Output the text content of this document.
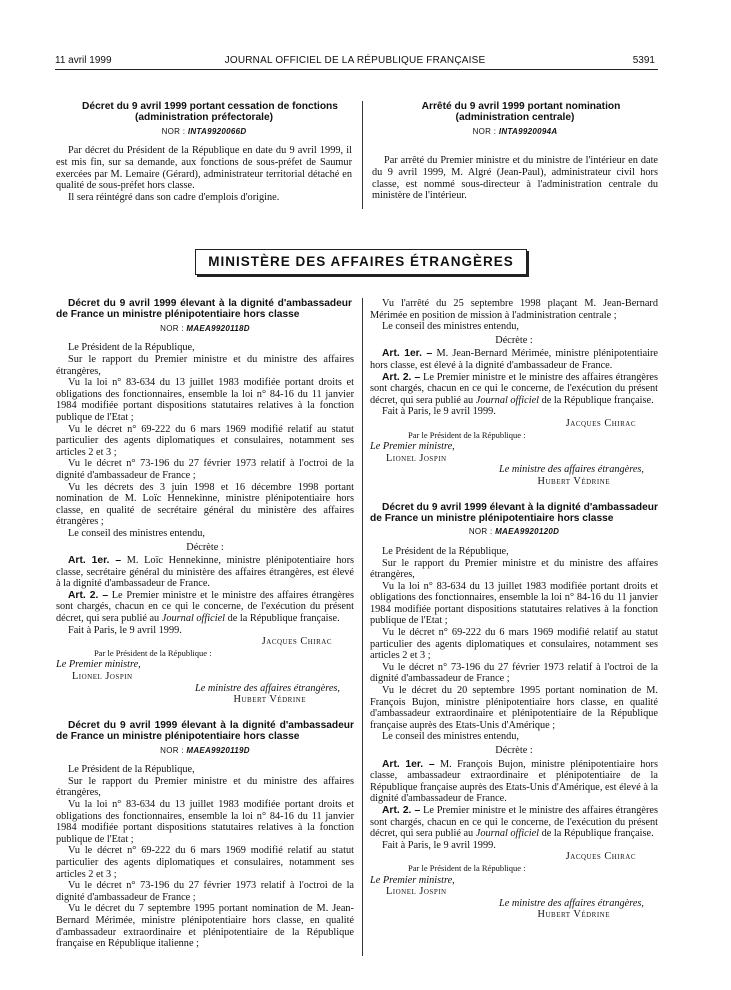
11 avril 1999	JOURNAL OFFICIEL DE LA RÉPUBLIQUE FRANÇAISE	5391

Décret du 9 avril 1999 portant cessation de fonctions (administration préfectorale)

NOR : INTA9920066D

Par décret du Président de la République en date du 9 avril 1999, il est mis fin, sur sa demande, aux fonctions de sous-préfet de Saumur exercées par M. Lemaire (Gérard), administrateur territorial détaché en qualité de sous-préfet hors classe.

Il sera réintégré dans son cadre d'emplois d'origine.

Arrêté du 9 avril 1999 portant nomination (administration centrale)

NOR : INTA9920094A

Par arrêté du Premier ministre et du ministre de l'intérieur en date du 9 avril 1999, M. Algré (Jean-Paul), administrateur civil hors classe, est nommé sous-directeur à l'administration centrale du ministère de l'intérieur.

MINISTÈRE DES AFFAIRES ÉTRANGÈRES

Décret du 9 avril 1999 élevant à la dignité d'ambassadeur de France un ministre plénipotentiaire hors classe

NOR : MAEA9920118D

Le Président de la République,

Sur le rapport du Premier ministre et du ministre des affaires étrangères,

Vu la loi n° 83-634 du 13 juillet 1983 modifiée portant droits et obligations des fonctionnaires, ensemble la loi n° 84-16 du 11 janvier 1984 modifiée portant dispositions statutaires relatives à la fonction publique de l'Etat ;

Vu le décret n° 69-222 du 6 mars 1969 modifié relatif au statut particulier des agents diplomatiques et consulaires, notamment ses articles 2 et 3 ;

Vu le décret n° 73-196 du 27 février 1973 relatif à l'octroi de la dignité d'ambassadeur de France ;

Vu les décrets des 3 juin 1998 et 16 décembre 1998 portant nomination de M. Loïc Hennekinne, ministre plénipotentiaire hors classe, en qualité de secrétaire général du ministère des affaires étrangères ;

Le conseil des ministres entendu,

Décrète :

Art. 1er. – M. Loïc Hennekinne, ministre plénipotentiaire hors classe, secrétaire général du ministère des affaires étrangères, est élevé à la dignité d'ambassadeur de France.

Art. 2. – Le Premier ministre et le ministre des affaires étrangères sont chargés, chacun en ce qui le concerne, de l'exécution du présent décret, qui sera publié au Journal officiel de la République française.

Fait à Paris, le 9 avril 1999.

Jacques Chirac

Par le Président de la République :

Le Premier ministre,

Lionel Jospin

Le ministre des affaires étrangères,

Hubert Védrine

Décret du 9 avril 1999 élevant à la dignité d'ambassadeur de France un ministre plénipotentiaire hors classe

NOR : MAEA9920119D

Le Président de la République,

Sur le rapport du Premier ministre et du ministre des affaires étrangères,

Vu la loi n° 83-634 du 13 juillet 1983 modifiée portant droits et obligations des fonctionnaires, ensemble la loi n° 84-16 du 11 janvier 1984 modifiée portant dispositions statutaires relatives à la fonction publique de l'Etat ;

Vu le décret n° 69-222 du 6 mars 1969 modifié relatif au statut particulier des agents diplomatiques et consulaires, notamment ses articles 2 et 3 ;

Vu le décret n° 73-196 du 27 février 1973 relatif à l'octroi de la dignité d'ambassadeur de France ;

Vu le décret du 7 septembre 1995 portant nomination de M. Jean-Bernard Mérimée, ministre plénipotentiaire hors classe, en qualité d'ambassadeur extraordinaire et plénipotentiaire de la République française en République italienne ;

Vu l'arrêté du 25 septembre 1998 plaçant M. Jean-Bernard Mérimée en position de mission à l'administration centrale ;

Le conseil des ministres entendu,

Décrète :

Art. 1er. – M. Jean-Bernard Mérimée, ministre plénipotentiaire hors classe, est élevé à la dignité d'ambassadeur de France.

Art. 2. – Le Premier ministre et le ministre des affaires étrangères sont chargés, chacun en ce qui le concerne, de l'exécution du présent décret, qui sera publié au Journal officiel de la République française.

Fait à Paris, le 9 avril 1999.

Jacques Chirac

Par le Président de la République :

Le Premier ministre,

Lionel Jospin

Le ministre des affaires étrangères,

Hubert Védrine

Décret du 9 avril 1999 élevant à la dignité d'ambassadeur de France un ministre plénipotentiaire hors classe

NOR : MAEA9920120D

Le Président de la République,

Sur le rapport du Premier ministre et du ministre des affaires étrangères,

Vu la loi n° 83-634 du 13 juillet 1983 modifiée portant droits et obligations des fonctionnaires, ensemble la loi n° 84-16 du 11 janvier 1984 modifiée portant dispositions statutaires relatives à la fonction publique de l'Etat ;

Vu le décret n° 69-222 du 6 mars 1969 modifié relatif au statut particulier des agents diplomatiques et consulaires, notamment ses articles 2 et 3 ;

Vu le décret n° 73-196 du 27 février 1973 relatif à l'octroi de la dignité d'ambassadeur de France ;

Vu le décret du 20 septembre 1995 portant nomination de M. François Bujon, ministre plénipotentiaire hors classe, en qualité d'ambassadeur extraordinaire et plénipotentiaire de la République française auprès des Etats-Unis d'Amérique ;

Le conseil des ministres entendu,

Décrète :

Art. 1er. – M. François Bujon, ministre plénipotentiaire hors classe, ambassadeur extraordinaire et plénipotentiaire de la République française auprès des Etats-Unis d'Amérique, est élevé à la dignité d'ambassadeur de France.

Art. 2. – Le Premier ministre et le ministre des affaires étrangères sont chargés, chacun en ce qui le concerne, de l'exécution du présent décret, qui sera publié au Journal officiel de la République française.

Fait à Paris, le 9 avril 1999.

Jacques Chirac

Par le Président de la République :

Le Premier ministre,

Lionel Jospin

Le ministre des affaires étrangères,

Hubert Védrine
